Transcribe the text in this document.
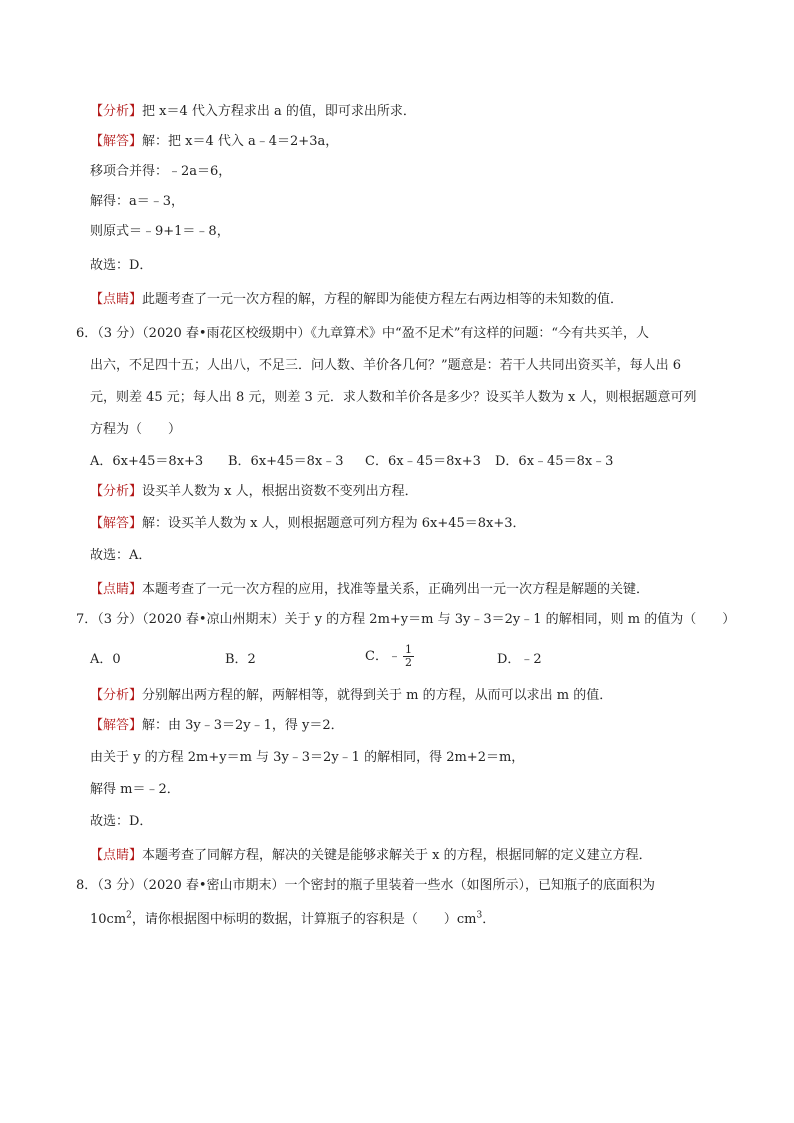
【分析】把 x＝4 代入方程求出 a 的值，即可求出所求．
【解答】解：把 x＝4 代入 a﹣4＝2+3a，
移项合并得：﹣2a＝6，
解得：a＝﹣3，
则原式＝﹣9+1＝﹣8，
故选：D．
【点睛】此题考查了一元一次方程的解，方程的解即为能使方程左右两边相等的未知数的值．
6．（3 分）（2020 春•雨花区校级期中）《九章算术》中“盈不足术”有这样的问题：“今有共买羊，人
出六，不足四十五；人出八，不足三．问人数、羊价各几何？”题意是：若干人共同出资买羊，每人出 6
元，则差 45 元；每人出 8 元，则差 3 元．求人数和羊价各是多少？设买羊人数为 x 人，则根据题意可列
方程为（　　）
A．6x+45＝8x+3 B．6x+45＝8x﹣3 C．6x﹣45＝8x+3 D．6x﹣45＝8x﹣3
【分析】设买羊人数为 x 人，根据出资数不变列出方程．
【解答】解：设买羊人数为 x 人，则根据题意可列方程为 6x+45＝8x+3．
故选：A．
【点睛】本题考查了一元一次方程的应用，找准等量关系，正确列出一元一次方程是解题的关键．
7．（3 分）（2020 春•凉山州期末）关于 y 的方程 2m+y＝m 与 3y﹣3＝2y﹣1 的解相同，则 m 的值为（　　）
A．0	B．2	C．﹣ $\frac{1}{2}$	D．﹣2
【分析】分别解出两方程的解，两解相等，就得到关于 m 的方程，从而可以求出 m 的值．
【解答】解：由 3y﹣3＝2y﹣1，得 y＝2．
由关于 y 的方程 2m+y＝m 与 3y﹣3＝2y﹣1 的解相同，得 2m+2＝m，
解得 m＝﹣2．
故选：D．
【点睛】本题考查了同解方程，解决的关键是能够求解关于 x 的方程，根据同解的定义建立方程．
8．（3 分）（2020 春•密山市期末）一个密封的瓶子里装着一些水（如图所示），已知瓶子的底面积为
$10cm^2$，请你根据图中标明的数据，计算瓶子的容积是（　　）$cm^3$．
